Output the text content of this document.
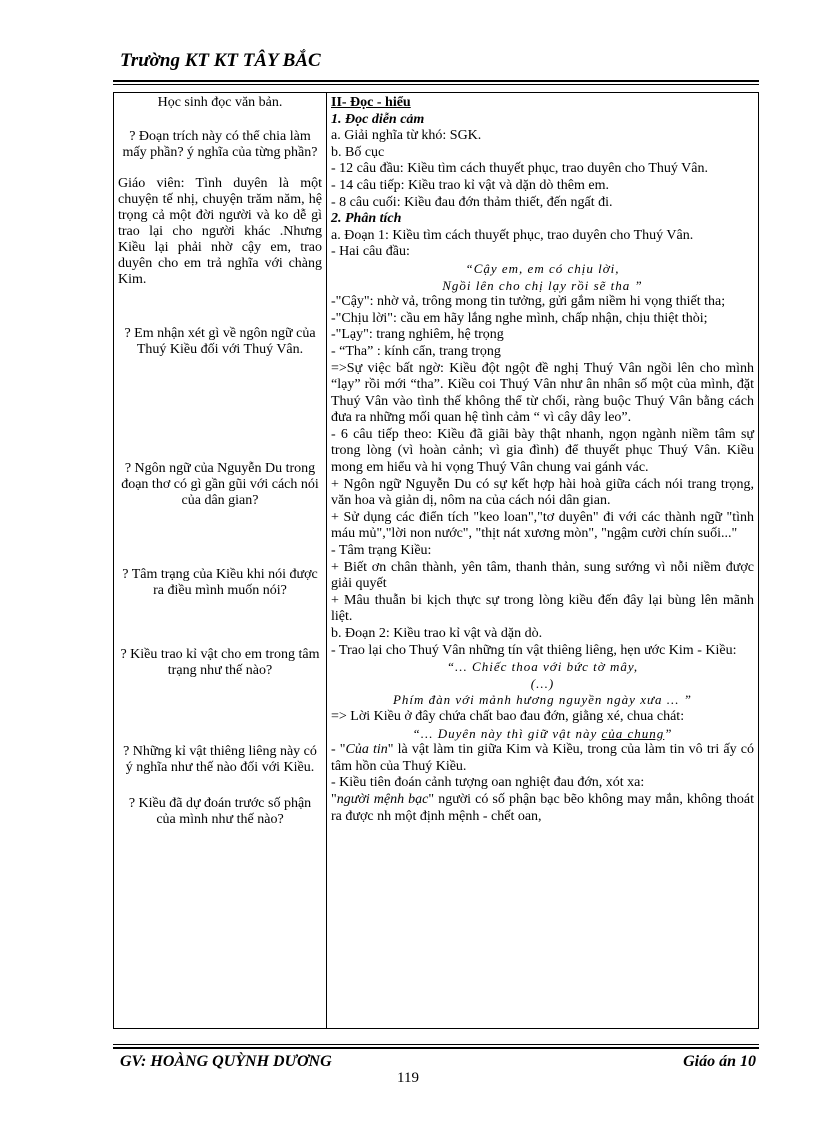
Trường KT KT TÂY BẮC
Học sinh đọc văn bản.
? Đoạn trích này có thể chia làm mấy phần? ý nghĩa của từng phần?
Giáo viên: Tình duyên là một chuyện tế nhị, chuyện trăm năm, hệ trọng cả một đời người và ko dễ gì trao lại cho người khác .Nhưng Kiều lại phải nhờ cậy em, trao duyên cho em trả nghĩa với chàng Kim.
? Em nhận xét gì về ngôn ngữ của Thuý Kiều đối với Thuý Vân.
? Ngôn ngữ của Nguyễn Du trong đoạn thơ có gì gần gũi với cách nói của dân gian?
? Tâm trạng của Kiều khi nói được ra điều mình muốn nói?
? Kiều trao kỉ vật cho em trong tâm trạng như thế nào?
? Những kỉ vật thiêng liêng này có ý nghĩa như thế nào đối với Kiều.
? Kiều đã dự đoán trước số phận của mình như thế nào?

II- Đọc - hiểu
1. Đọc diễn cảm
a. Giải nghĩa từ khó: SGK.
b. Bố cục
- 12 câu đầu: Kiều tìm cách thuyết phục, trao duyên cho Thuý Vân.
- 14 câu tiếp: Kiều trao kỉ vật và dặn dò thêm em.
- 8 câu cuối: Kiều đau đớn thảm thiết, đến ngất đi.
2. Phân tích
a. Đoạn 1: Kiều tìm cách thuyết phục, trao duyên cho Thuý Vân.
- Hai câu đầu:
“Cậy em, em có chịu lời,
Ngồi lên cho chị lạy rồi sẽ tha ”
-"Cậy": nhờ vả, trông mong tin tưởng, gửi gắm niềm hi vọng thiết tha;
-"Chịu lời": cầu em hãy lắng nghe mình, chấp nhận, chịu thiệt thòi;
-"Lạy": trang nghiêm, hệ trọng
- “Tha” : kính cẩn, trang trọng
=>Sự việc bất ngờ: Kiều đột ngột đề nghị Thuý Vân ngồi lên cho mình “lạy” rồi mới “tha”. Kiều coi Thuý Vân như ân nhân số một của mình, đặt Thuý Vân vào tình thế không thể từ chối, ràng buộc Thuý Vân bằng cách đưa ra những mối quan hệ tình cảm “ vì cây dây leo”.
- 6 câu tiếp theo: Kiều đã giãi bày thật nhanh, ngọn ngành niềm tâm sự trong lòng (vì hoàn cảnh; vì gia đình) để thuyết phục Thuý Vân. Kiều mong em hiểu và hi vọng Thuý Vân chung vai gánh vác.
+ Ngôn ngữ Nguyễn Du có sự kết hợp hài hoà giữa cách nói trang trọng, văn hoa và giản dị, nôm na của cách nói dân gian.
+ Sử dụng các điển tích "keo loan","tơ duyên" đi với các thành ngữ "tình máu mủ","lời non nước", "thịt nát xương mòn", "ngậm cười chín suối..."
- Tâm trạng Kiều:
+ Biết ơn chân thành, yên tâm, thanh thản, sung sướng vì nỗi niềm được giải quyết
+ Mâu thuẫn bi kịch thực sự trong lòng kiều đến đây lại bùng lên mãnh liệt.
b. Đoạn 2: Kiều trao kỉ vật và dặn dò.
- Trao lại cho Thuý Vân những tín vật thiêng liêng, hẹn ước Kim - Kiều:
“... Chiếc thoa với bức tờ mây,
(...)
Phím đàn với mảnh hương nguyền ngày xưa ... ”
=> Lời Kiều ở đây chứa chất bao đau đớn, giằng xé, chua chát:
“... Duyên này thì giữ vật này của chung”
- "Của tin" là vật làm tin giữa Kim và Kiều, trong của làm tin vô tri ấy có tâm hồn của Thuý Kiều.
- Kiều tiên đoán cảnh tượng oan nghiệt đau đớn, xót xa:
"người mệnh bạc" người có số phận bạc bẽo không may mắn, không thoát ra được nh một định mệnh - chết oan,
GV: HOÀNG QUỲNH DƯƠNG	Giáo án 10
119
